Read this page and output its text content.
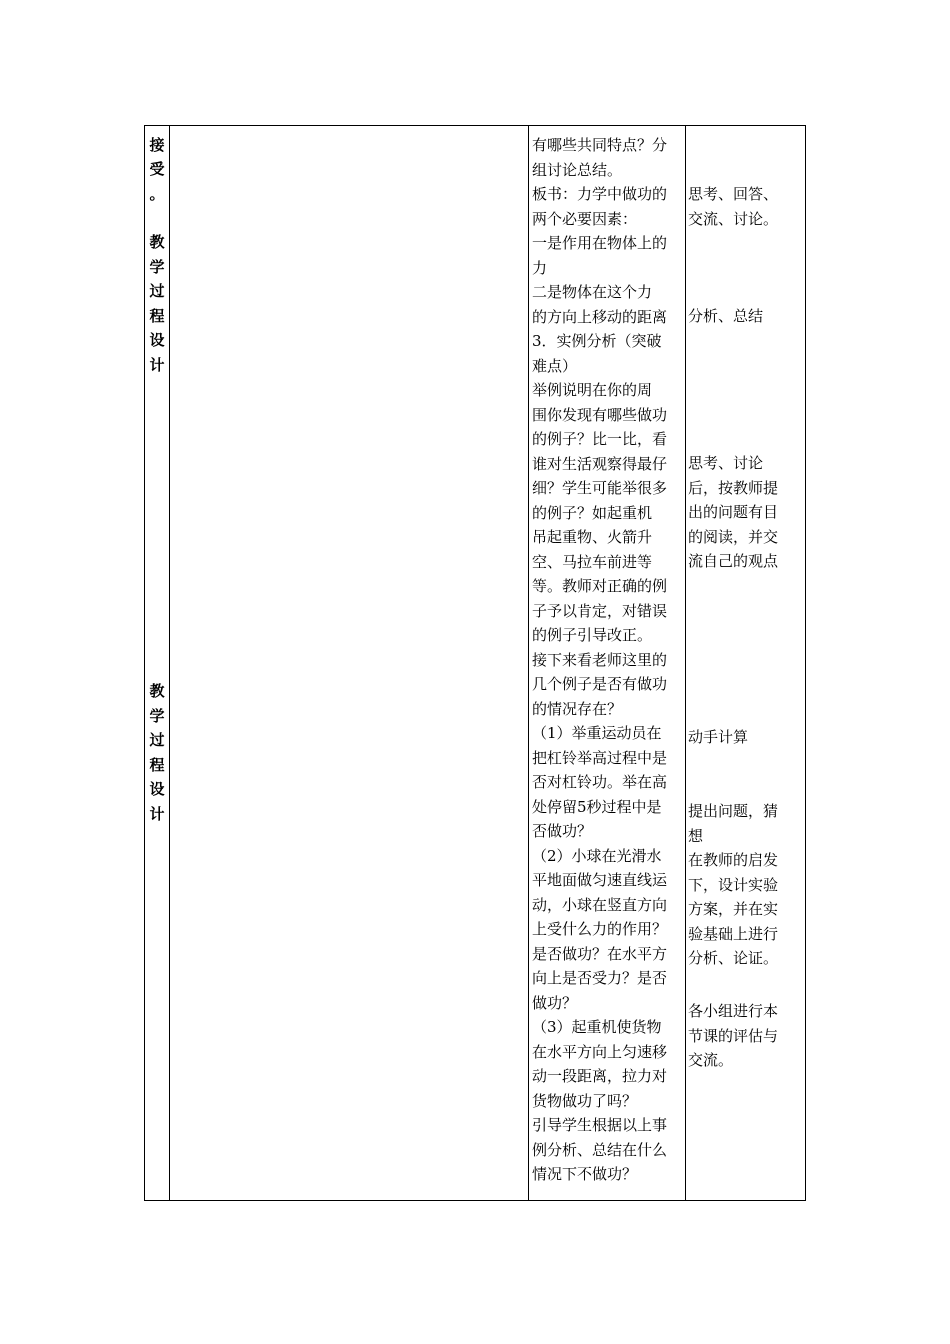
接
受
。
教
学
过
程
设
计
教
学
过
程
设
计
有哪些共同特点？分
组讨论总结。
板书：力学中做功的
两个必要因素：
一是作用在物体上的
力
二是物体在这个力
的方向上移动的距离
3．实例分析（突破
难点）
举例说明在你的周
围你发现有哪些做功
的例子？比一比，看
谁对生活观察得最仔
细？学生可能举很多
的例子？如起重机
吊起重物、火箭升
空、马拉车前进等
等。教师对正确的例
子予以肯定，对错误
的例子引导改正。
接下来看老师这里的
几个例子是否有做功
的情况存在？
（1）举重运动员在
把杠铃举高过程中是
否对杠铃功。举在高
处停留5秒过程中是
否做功？
（2）小球在光滑水
平地面做匀速直线运
动，小球在竖直方向
上受什么力的作用？
是否做功？在水平方
向上是否受力？是否
做功？
（3）起重机使货物
在水平方向上匀速移
动一段距离，拉力对
货物做功了吗？
引导学生根据以上事
例分析、总结在什么
情况下不做功？
思考、回答、
交流、讨论。
分析、总结
思考、讨论
后，按教师提
出的问题有目
的阅读，并交
流自己的观点
动手计算
提出问题，猜
想
在教师的启发
下，设计实验
方案，并在实
验基础上进行
分析、论证。
各小组进行本
节课的评估与
交流。
